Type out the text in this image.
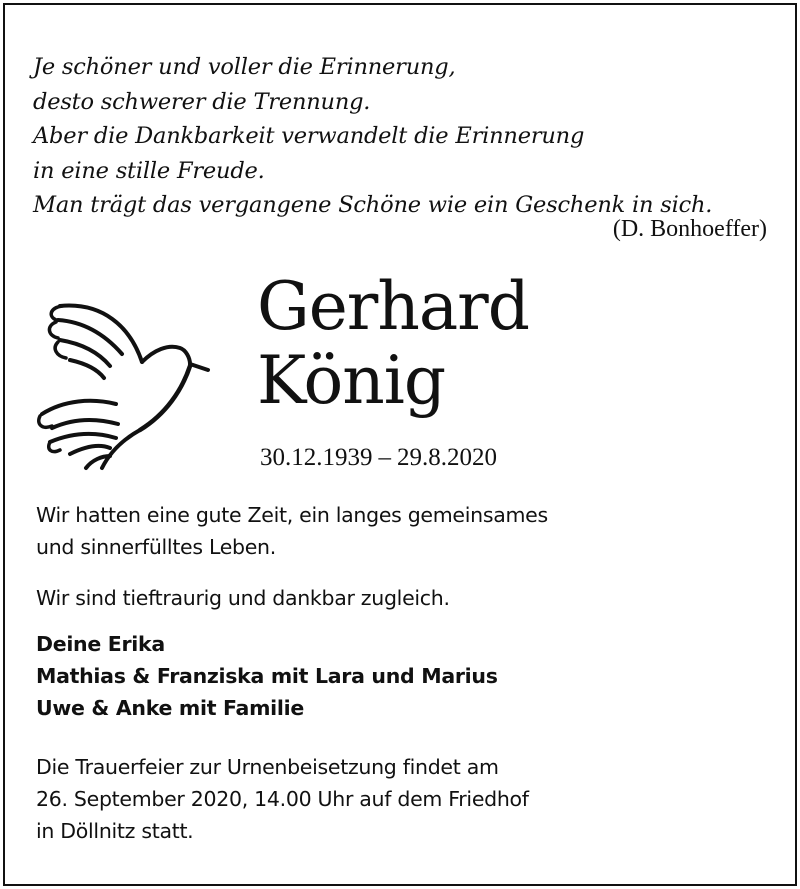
Je schöner und voller die Erinnerung,
desto schwerer die Trennung.
Aber die Dankbarkeit verwandelt die Erinnerung
in eine stille Freude.
Man trägt das vergangene Schöne wie ein Geschenk in sich.
(D. Bonhoeffer)
Gerhard
König
30.12.1939 – 29.8.2020
Wir hatten eine gute Zeit, ein langes gemeinsames
und sinnerfülltes Leben.
Wir sind tieftraurig und dankbar zugleich.
Deine Erika
Mathias & Franziska mit Lara und Marius
Uwe & Anke mit Familie
Die Trauerfeier zur Urnenbeisetzung findet am
26. September 2020, 14.00 Uhr auf dem Friedhof
in Döllnitz statt.
